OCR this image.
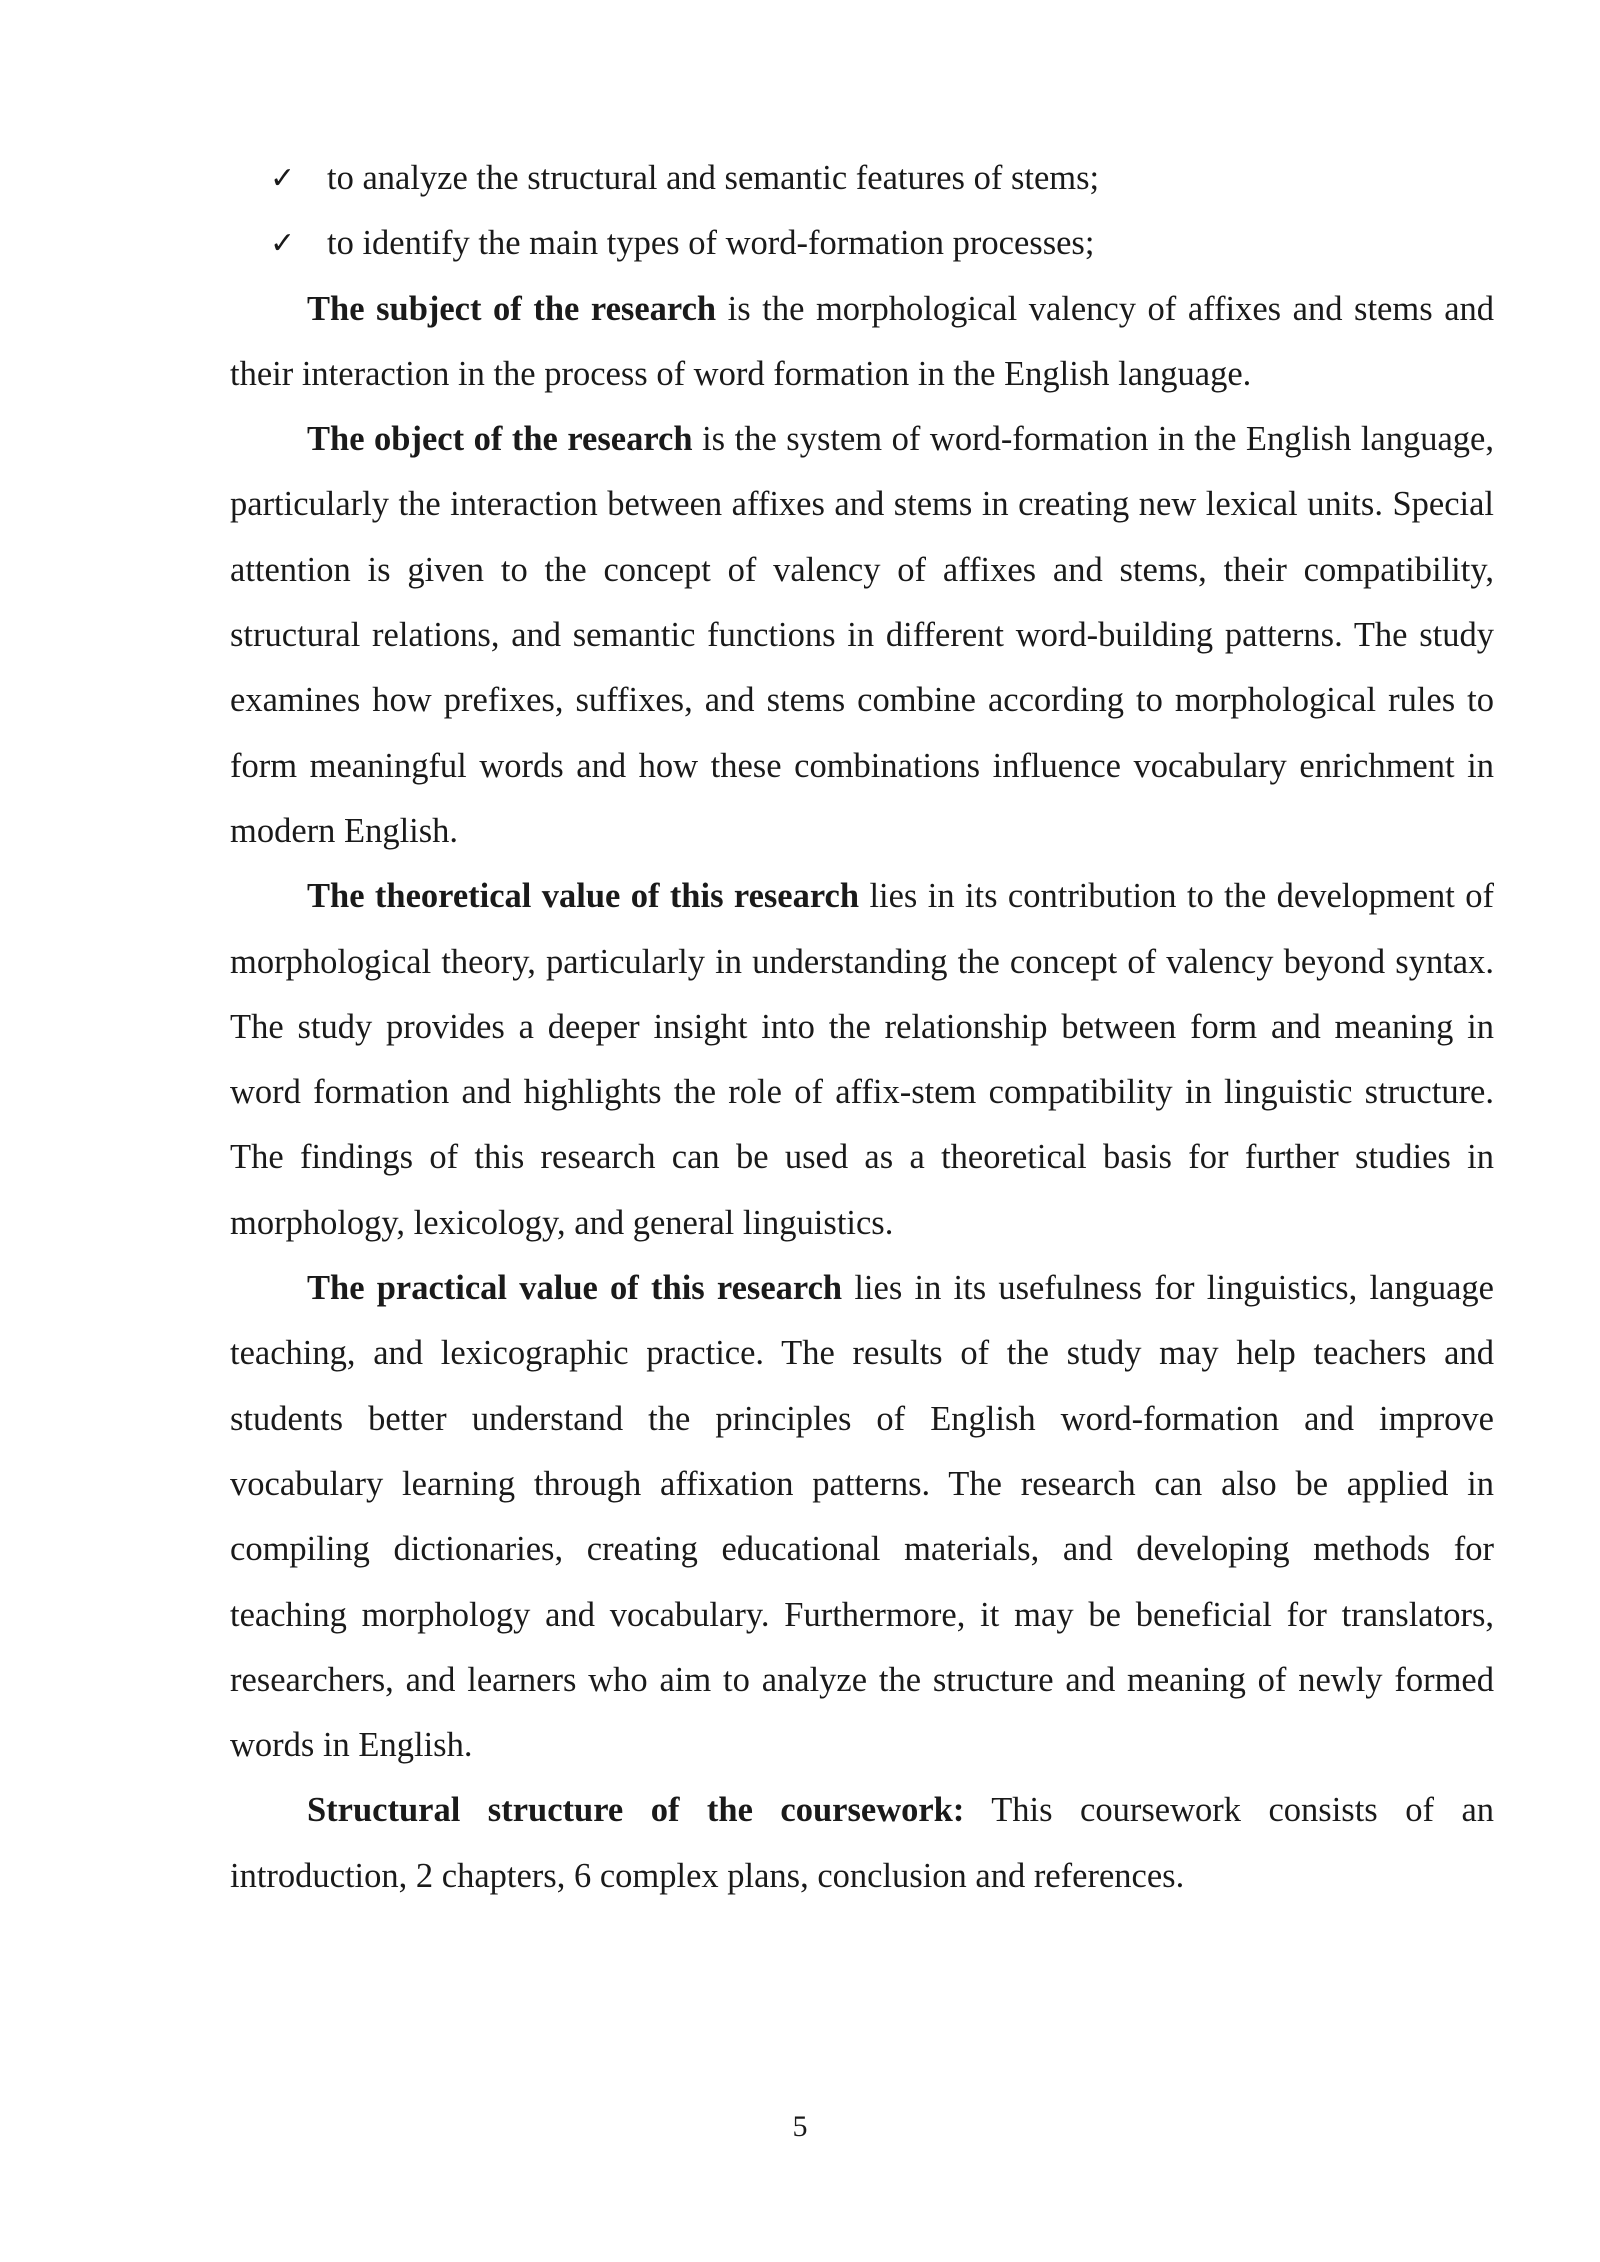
✓ to analyze the structural and semantic features of stems;

✓ to identify the main types of word-formation processes;

The subject of the research is the morphological valency of affixes and stems and their interaction in the process of word formation in the English language.

The object of the research is the system of word-formation in the English language, particularly the interaction between affixes and stems in creating new lexical units. Special attention is given to the concept of valency of affixes and stems, their compatibility, structural relations, and semantic functions in different word-building patterns. The study examines how prefixes, suffixes, and stems combine according to morphological rules to form meaningful words and how these combinations influence vocabulary enrichment in modern English.

The theoretical value of this research lies in its contribution to the development of morphological theory, particularly in understanding the concept of valency beyond syntax. The study provides a deeper insight into the relationship between form and meaning in word formation and highlights the role of affix-stem compatibility in linguistic structure. The findings of this research can be used as a theoretical basis for further studies in morphology, lexicology, and general linguistics.

The practical value of this research lies in its usefulness for linguistics, language teaching, and lexicographic practice. The results of the study may help teachers and students better understand the principles of English word-formation and improve vocabulary learning through affixation patterns. The research can also be applied in compiling dictionaries, creating educational materials, and developing methods for teaching morphology and vocabulary. Furthermore, it may be beneficial for translators, researchers, and learners who aim to analyze the structure and meaning of newly formed words in English.

Structural structure of the coursework: This coursework consists of an introduction, 2 chapters, 6 complex plans, conclusion and references.

5
